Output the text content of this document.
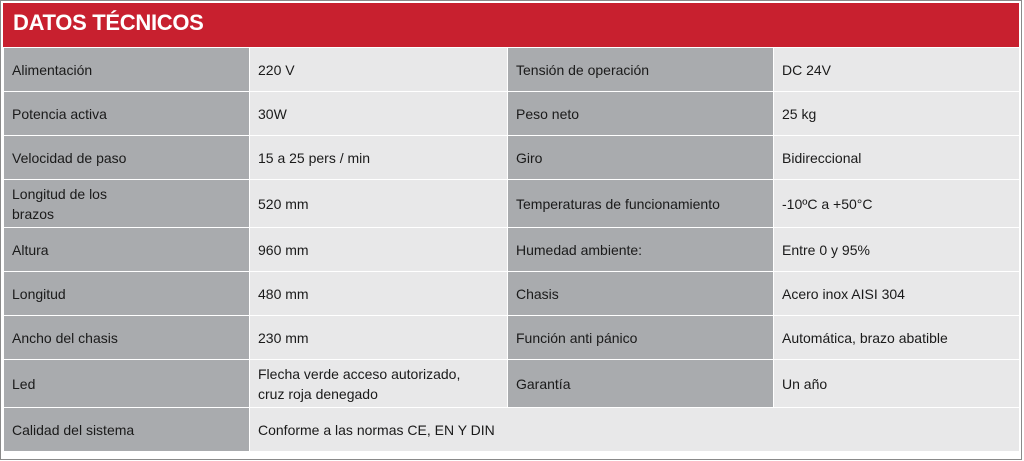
DATOS TÉCNICOS
Alimentación	220 V	Tensión de operación	DC 24V
Potencia activa	30W	Peso neto	25 kg
Velocidad de paso	15 a 25 pers / min	Giro	Bidireccional
Longitud de los brazos	520 mm	Temperaturas de funcionamiento	-10ºC a +50°C
Altura	960 mm	Humedad ambiente:	Entre 0 y 95%
Longitud	480 mm	Chasis	Acero inox AISI 304
Ancho del chasis	230 mm	Función anti pánico	Automática, brazo abatible
Led	Flecha verde acceso autorizado, cruz roja denegado	Garantía	Un año
Calidad del sistema	Conforme a las normas CE, EN Y DIN		
